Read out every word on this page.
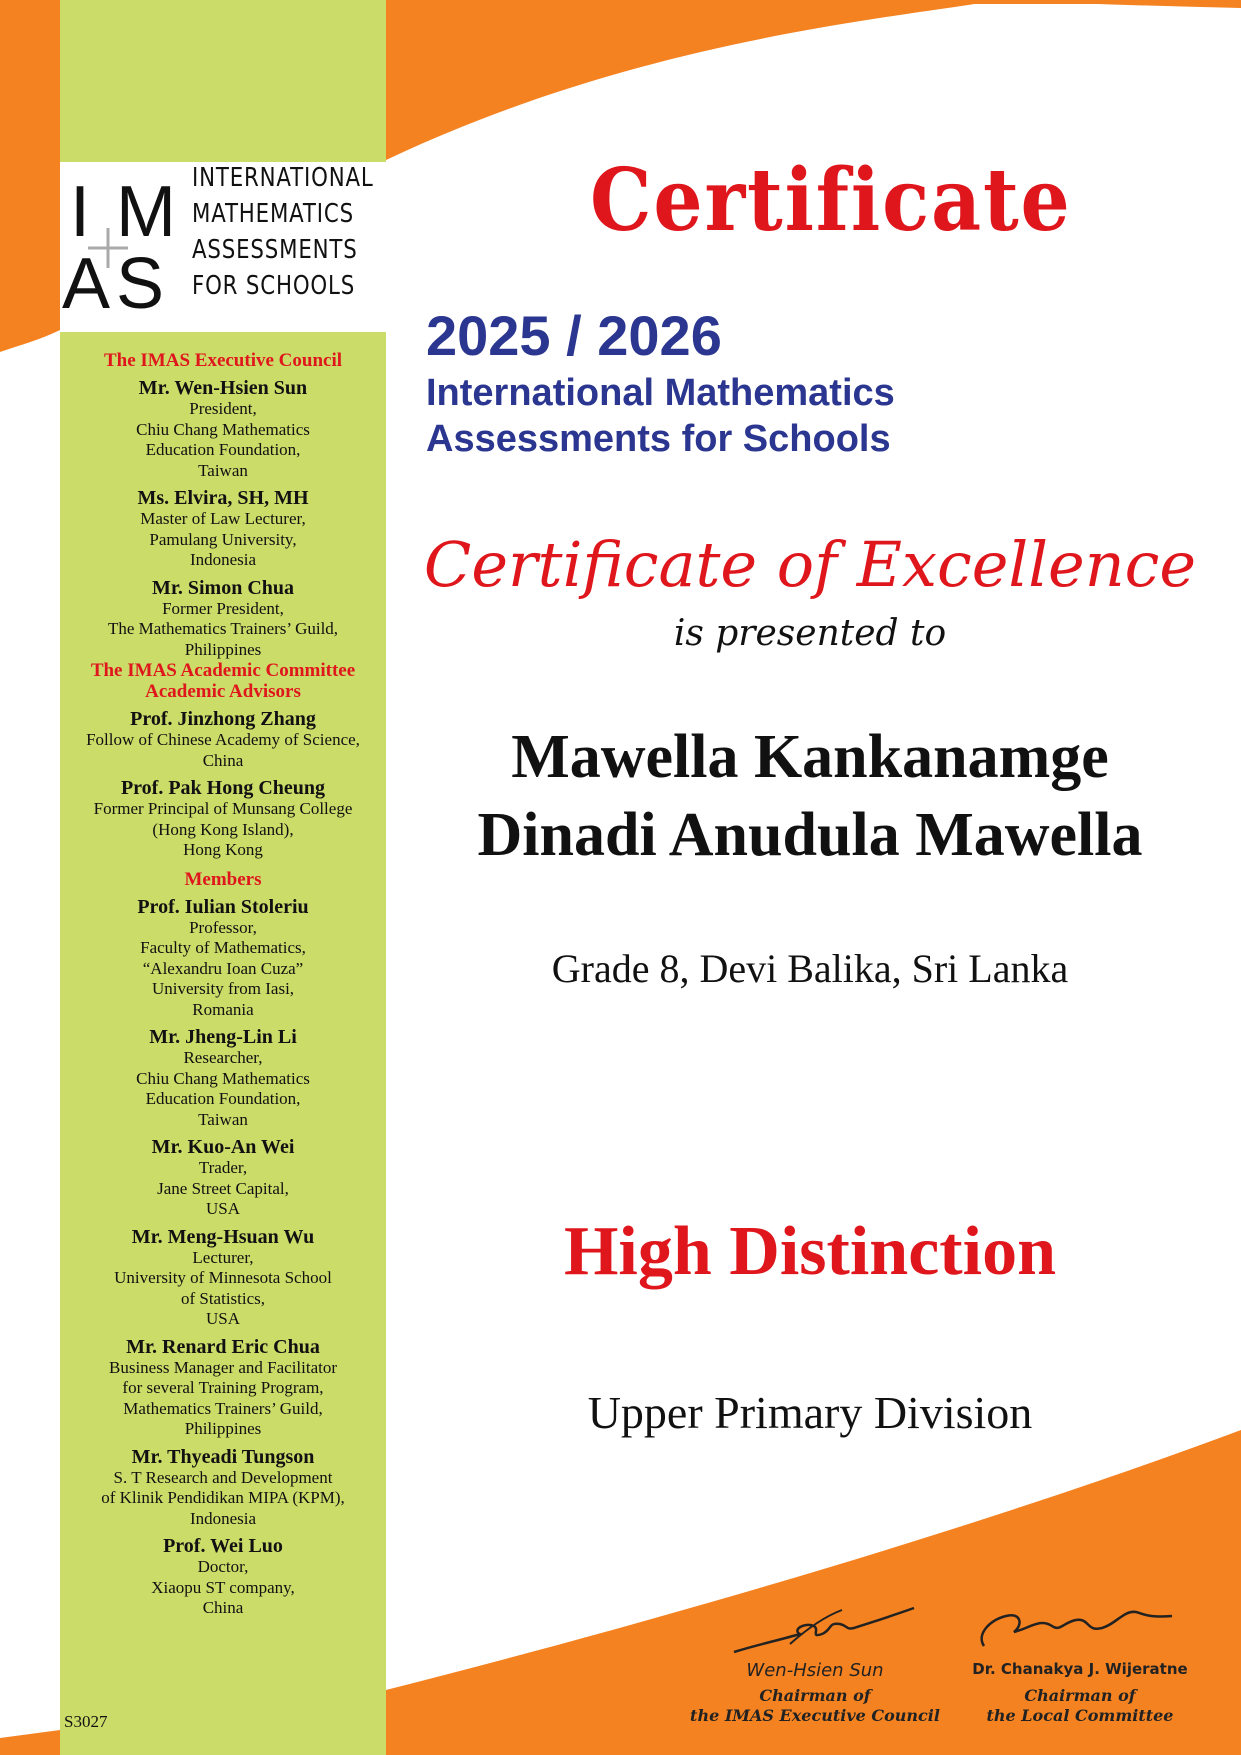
I M
A S
INTERNATIONAL
MATHEMATICS
ASSESSMENTS
FOR SCHOOLS
The IMAS Executive Council
Mr. Wen-Hsien Sun
President,
Chiu Chang Mathematics
Education Foundation,
Taiwan
Ms. Elvira, SH, MH
Master of Law Lecturer,
Pamulang University,
Indonesia
Mr. Simon Chua
Former President,
The Mathematics Trainers’ Guild,
Philippines
The IMAS Academic Committee
Academic Advisors
Prof. Jinzhong Zhang
Follow of Chinese Academy of Science,
China
Prof. Pak Hong Cheung
Former Principal of Munsang College
(Hong Kong Island),
Hong Kong
Members
Prof. Iulian Stoleriu
Professor,
Faculty of Mathematics,
“Alexandru Ioan Cuza”
University from Iasi,
Romania
Mr. Jheng-Lin Li
Researcher,
Chiu Chang Mathematics
Education Foundation,
Taiwan
Mr. Kuo-An Wei
Trader,
Jane Street Capital,
USA
Mr. Meng-Hsuan Wu
Lecturer,
University of Minnesota School
of Statistics,
USA
Mr. Renard Eric Chua
Business Manager and Facilitator
for several Training Program,
Mathematics Trainers’ Guild,
Philippines
Mr. Thyeadi Tungson
S. T Research and Development
of Klinik Pendidikan MIPA (KPM),
Indonesia
Prof. Wei Luo
Doctor,
Xiaopu ST company,
China
S3027
Certificate
2025 / 2026
International Mathematics
Assessments for Schools
Certificate of Excellence
is presented to
Mawella Kankanamge
Dinadi Anudula Mawella
Grade 8, Devi Balika, Sri Lanka
High Distinction
Upper Primary Division
Wen-Hsien Sun	Dr. Chanakya J. Wijeratne
Chairman of
the IMAS Executive Council
Chairman of
the Local Committee
